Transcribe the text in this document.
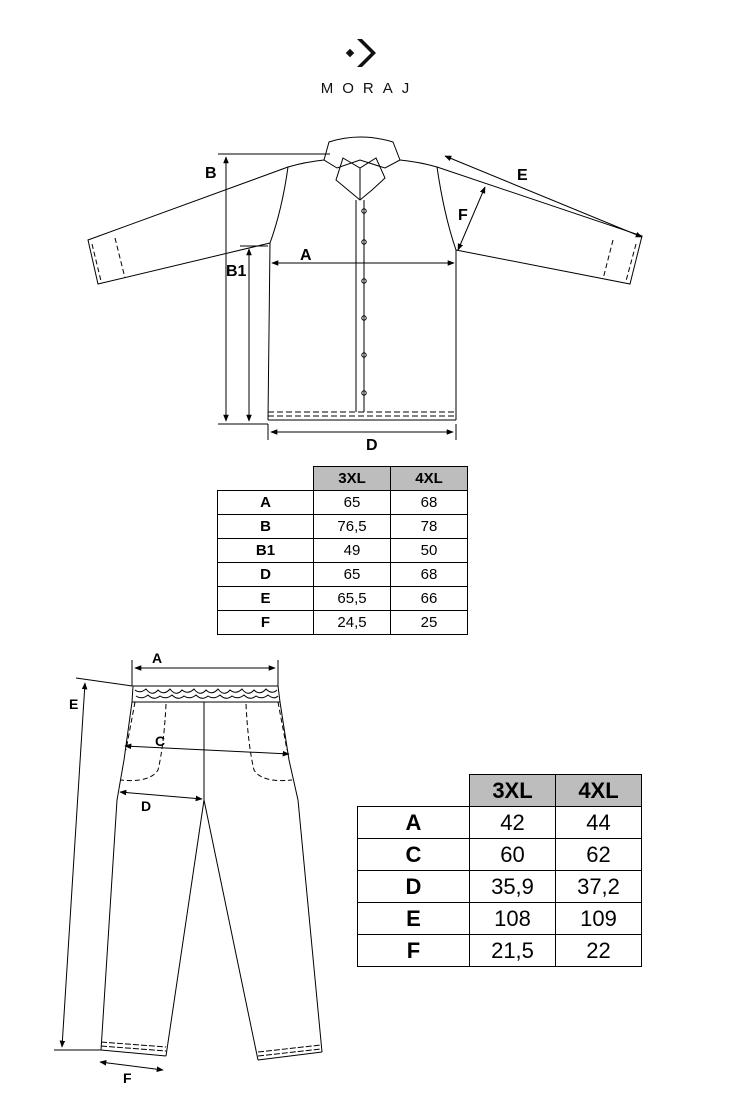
MORAJ
B
B1
A
D
E
F
A
C
D
E
F
	3XL	4XL
A	65	68
B	76,5	78
B1	49	50
D	65	68
E	65,5	66
F	24,5	25
	3XL	4XL
A	42	44
C	60	62
D	35,9	37,2
E	108	109
F	21,5	22
